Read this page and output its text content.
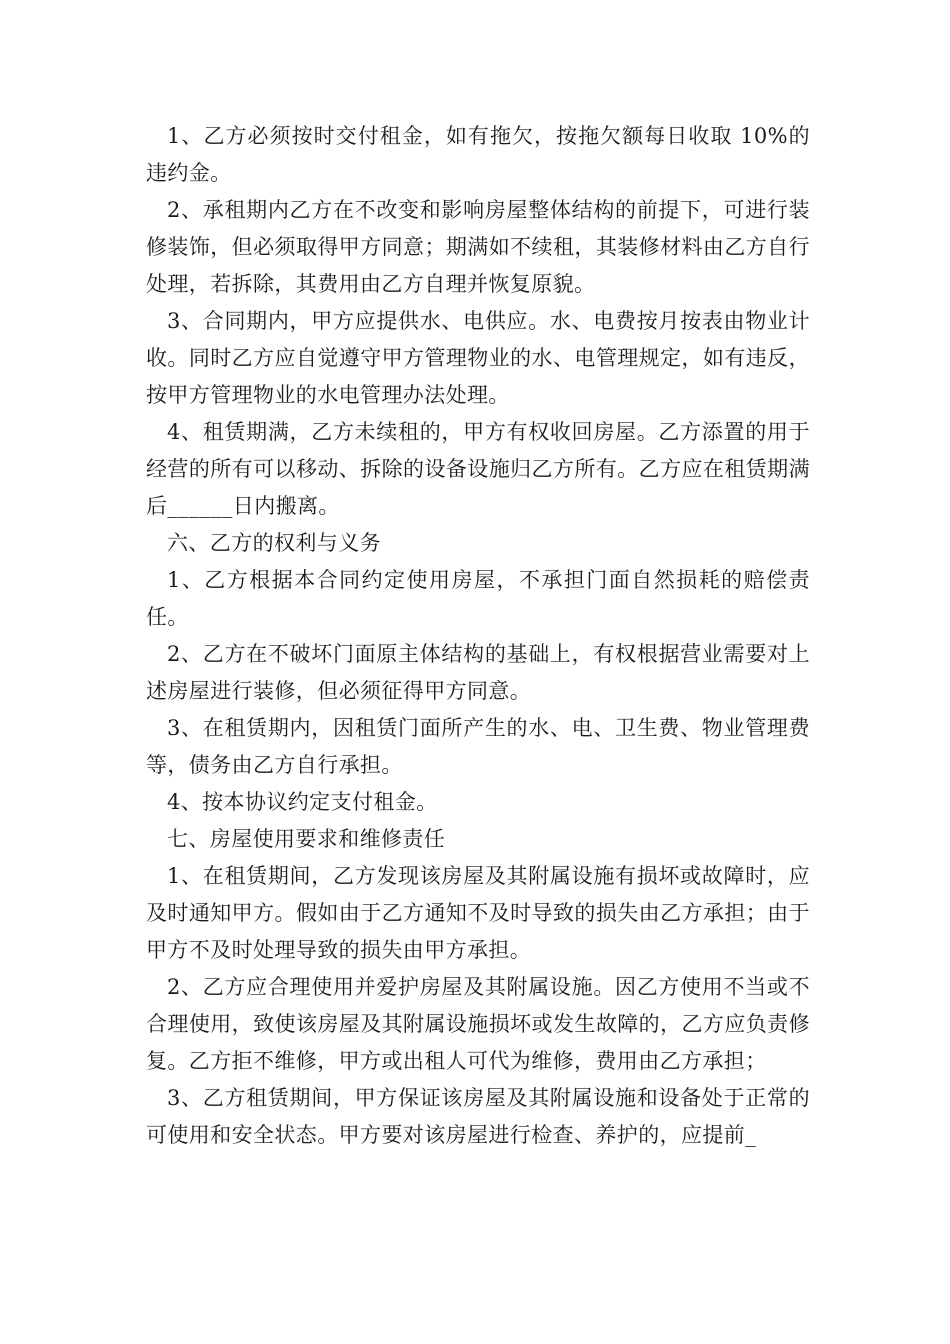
1、乙方必须按时交付租金，如有拖欠，按拖欠额每日收取 10%的违约金。

2、承租期内乙方在不改变和影响房屋整体结构的前提下，可进行装修装饰，但必须取得甲方同意；期满如不续租，其装修材料由乙方自行处理，若拆除，其费用由乙方自理并恢复原貌。

3、合同期内，甲方应提供水、电供应。水、电费按月按表由物业计收。同时乙方应自觉遵守甲方管理物业的水、电管理规定，如有违反，按甲方管理物业的水电管理办法处理。

4、租赁期满，乙方未续租的，甲方有权收回房屋。乙方添置的用于经营的所有可以移动、拆除的设备设施归乙方所有。乙方应在租赁期满后______日内搬离。

六、乙方的权利与义务

1、乙方根据本合同约定使用房屋，不承担门面自然损耗的赔偿责任。

2、乙方在不破坏门面原主体结构的基础上，有权根据营业需要对上述房屋进行装修，但必须征得甲方同意。

3、在租赁期内，因租赁门面所产生的水、电、卫生费、物业管理费等，债务由乙方自行承担。

4、按本协议约定支付租金。

七、房屋使用要求和维修责任

1、在租赁期间，乙方发现该房屋及其附属设施有损坏或故障时，应及时通知甲方。假如由于乙方通知不及时导致的损失由乙方承担；由于甲方不及时处理导致的损失由甲方承担。

2、乙方应合理使用并爱护房屋及其附属设施。因乙方使用不当或不合理使用，致使该房屋及其附属设施损坏或发生故障的，乙方应负责修复。乙方拒不维修，甲方或出租人可代为维修，费用由乙方承担；

3、乙方租赁期间，甲方保证该房屋及其附属设施和设备处于正常的可使用和安全状态。甲方要对该房屋进行检查、养护的，应提前_
